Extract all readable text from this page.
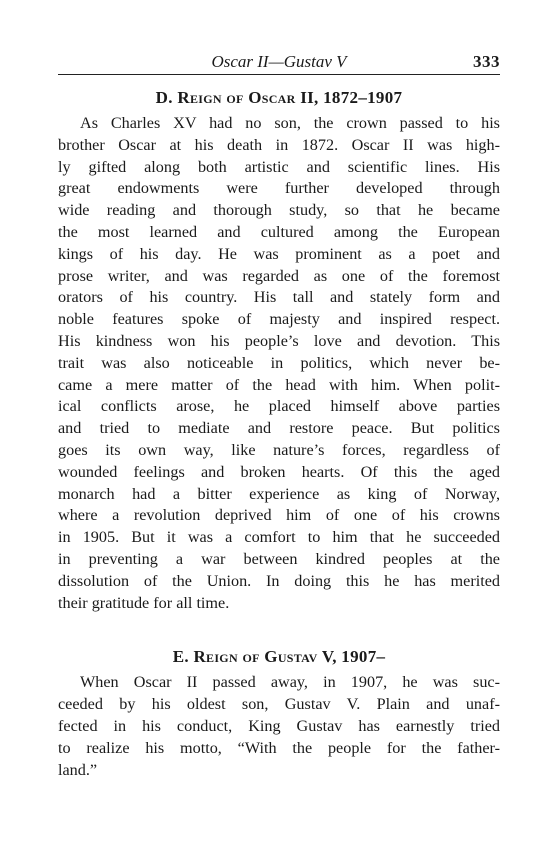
Oscar II—Gustav V	333
D. Reign of Oscar II, 1872–1907
As Charles XV had no son, the crown passed to his
brother Oscar at his death in 1872. Oscar II was high-
ly gifted along both artistic and scientific lines. His
great endowments were further developed through
wide reading and thorough study, so that he became
the most learned and cultured among the European
kings of his day. He was prominent as a poet and
prose writer, and was regarded as one of the foremost
orators of his country. His tall and stately form and
noble features spoke of majesty and inspired respect.
His kindness won his people’s love and devotion. This
trait was also noticeable in politics, which never be-
came a mere matter of the head with him. When polit-
ical conflicts arose, he placed himself above parties
and tried to mediate and restore peace. But politics
goes its own way, like nature’s forces, regardless of
wounded feelings and broken hearts. Of this the aged
monarch had a bitter experience as king of Norway,
where a revolution deprived him of one of his crowns
in 1905. But it was a comfort to him that he succeeded
in preventing a war between kindred peoples at the
dissolution of the Union. In doing this he has merited
their gratitude for all time.
E. Reign of Gustav V, 1907–
When Oscar II passed away, in 1907, he was suc-
ceeded by his oldest son, Gustav V. Plain and unaf-
fected in his conduct, King Gustav has earnestly tried
to realize his motto, “With the people for the father-
land.”
